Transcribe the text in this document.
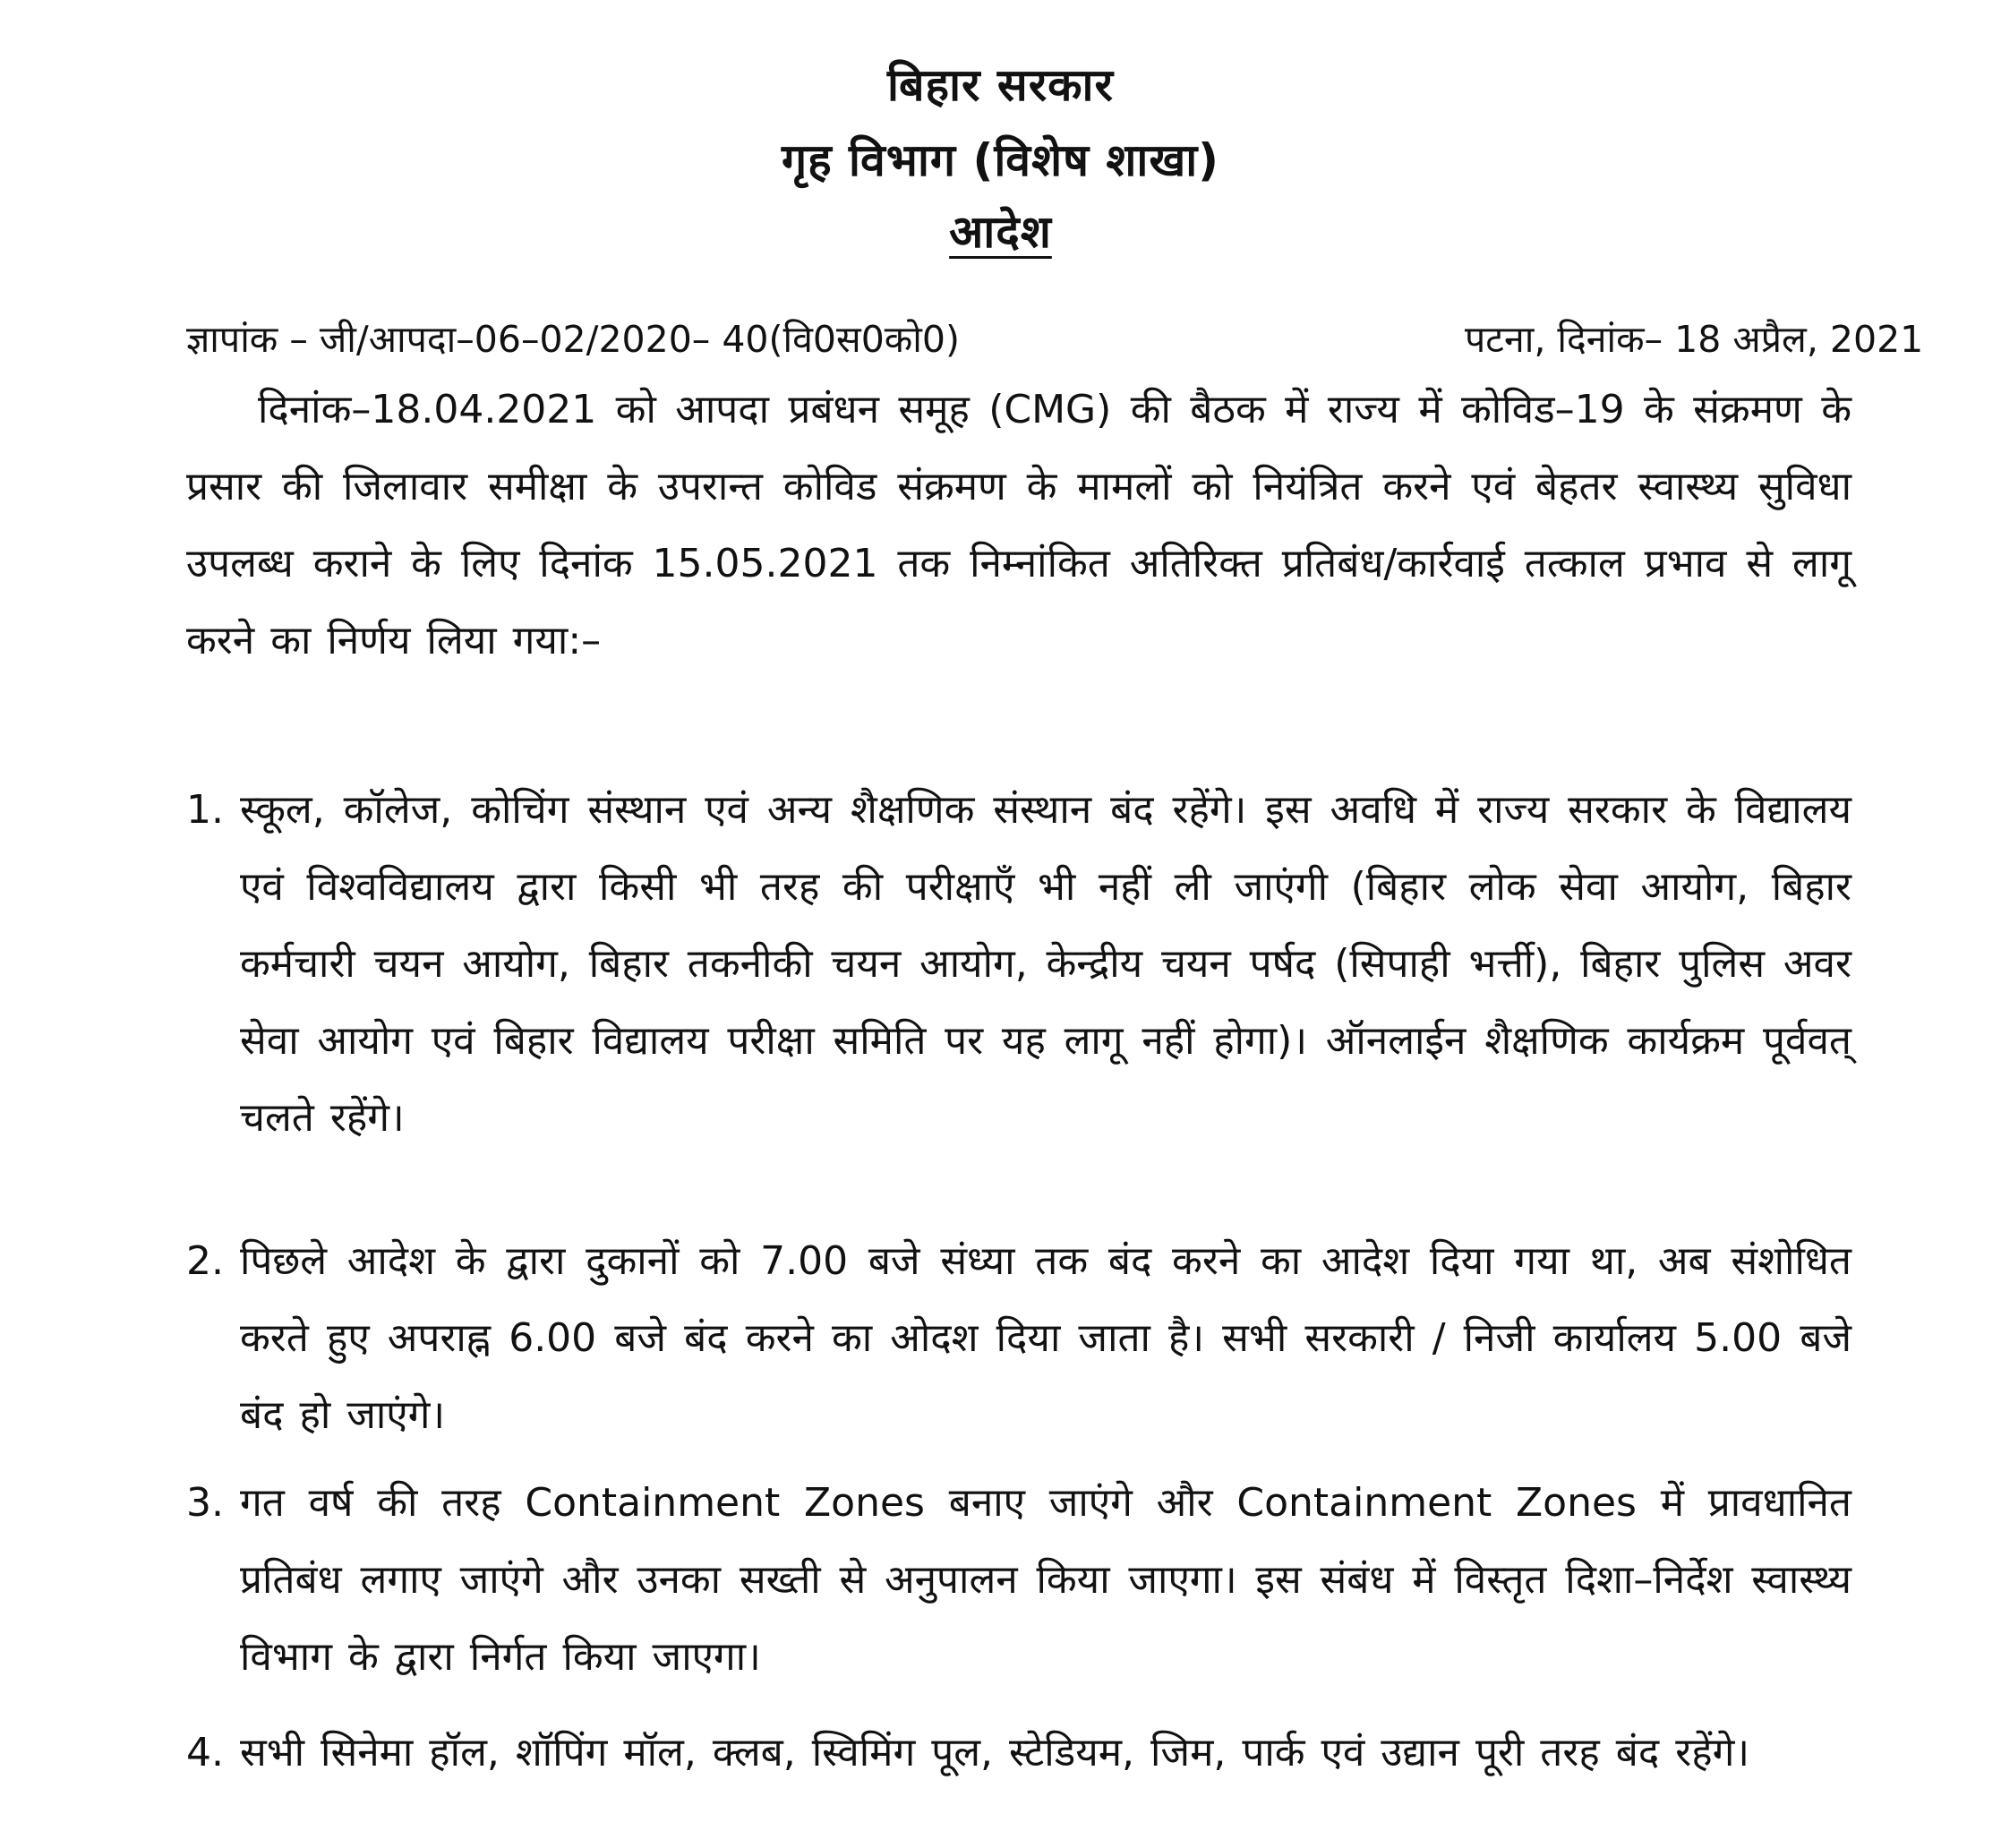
बिहार सरकार
गृह विभाग (विशेष शाखा)
आदेश
ज्ञापांक – जी/आपदा–06–02/2020– 40(वि0स0को0)	पटना, दिनांक– 18 अप्रैल, 2021
दिनांक–18.04.2021 को आपदा प्रबंधन समूह (CMG) की बैठक में राज्य में कोविड–19 के संक्रमण के प्रसार की जिलावार समीक्षा के उपरान्त कोविड संक्रमण के मामलों को नियंत्रित करने एवं बेहतर स्वास्थ्य सुविधा उपलब्ध कराने के लिए दिनांक 15.05.2021 तक निम्नांकित अतिरिक्त प्रतिबंध/कार्रवाई तत्काल प्रभाव से लागू करने का निर्णय लिया गया:–
1. स्कूल, कॉलेज, कोचिंग संस्थान एवं अन्य शैक्षणिक संस्थान बंद रहेंगे। इस अवधि में राज्य सरकार के विद्यालय एवं विश्वविद्यालय द्वारा किसी भी तरह की परीक्षाएँ भी नहीं ली जाएंगी (बिहार लोक सेवा आयोग, बिहार कर्मचारी चयन आयोग, बिहार तकनीकी चयन आयोग, केन्द्रीय चयन पर्षद (सिपाही भर्त्ती), बिहार पुलिस अवर सेवा आयोग एवं बिहार विद्यालय परीक्षा समिति पर यह लागू नहीं होगा)। ऑनलाईन शैक्षणिक कार्यक्रम पूर्ववत् चलते रहेंगे।
2. पिछले आदेश के द्वारा दुकानों को 7.00 बजे संध्या तक बंद करने का आदेश दिया गया था, अब संशोधित करते हुए अपराह्न 6.00 बजे बंद करने का ओदश दिया जाता है। सभी सरकारी / निजी कार्यालय 5.00 बजे बंद हो जाएंगे।
3. गत वर्ष की तरह Containment Zones बनाए जाएंगे और Containment Zones में प्रावधानित प्रतिबंध लगाए जाएंगे और उनका सख्ती से अनुपालन किया जाएगा। इस संबंध में विस्तृत दिशा–निर्देश स्वास्थ्य विभाग के द्वारा निर्गत किया जाएगा।
4. सभी सिनेमा हॉल, शॉपिंग मॉल, क्लब, स्विमिंग पूल, स्टेडियम, जिम, पार्क एवं उद्यान पूरी तरह बंद रहेंगे।
